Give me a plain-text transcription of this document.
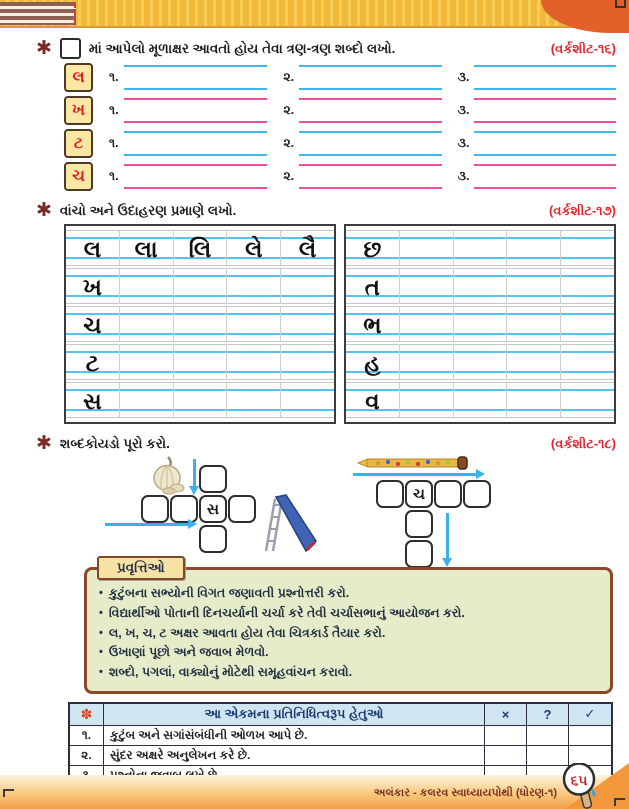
✱	માં આપેલો મૂળાક્ષર આવતો હોય તેવા ત્રણ-ત્રણ શબ્દો લખો.	(વર્કશીટ-૧૬)
લ	૧.	૨.	૩.
ખ	૧.	૨.	૩.
ટ	૧.	૨.	૩.
ચ	૧.	૨.	૩.
✱ વાંચો અને ઉદાહરણ પ્રમાણે લખો.	(વર્કશીટ-૧૭)
લ	લા	લિ	લે	લૈ
ખ
ચ
ટ
સ
છ
ત
ભ
હ
વ
✱ શબ્દકોયડો પૂરો કરો.	(વર્કશીટ-૧૮)
સ
ચ
પ્રવૃત્તિઓ
• કુટુંબના સભ્યોની વિગત જણાવતી પ્રશ્નોત્તરી કરો.
• વિદ્યાર્થીઓ પોતાની દિનચર્યાની ચર્ચા કરે તેવી ચર્ચાસભાનું આયોજન કરો.
• લ, ખ, ચ, ટ અક્ષર આવતા હોય તેવા ચિત્રકાર્ડ તૈયાર કરો.
• ઉખાણાં પૂછો અને જવાબ મેળવો.
• શબ્દો, પગલાં, વાક્યોનું મોટેથી સમૂહવાંચન કરાવો.
✽	આ એકમના પ્રતિનિધિત્વરૂપ હેતુઓ	×	?	✓
૧.	કુટુંબ અને સગાંસંબંધીની ઓળખ આપે છે.
૨.	સુંદર અક્ષરે અનુલેખન કરે છે.
અલંકાર - કલરવ સ્વાધ્યાયપોથી (ધોરણ-૧)
૬૫
